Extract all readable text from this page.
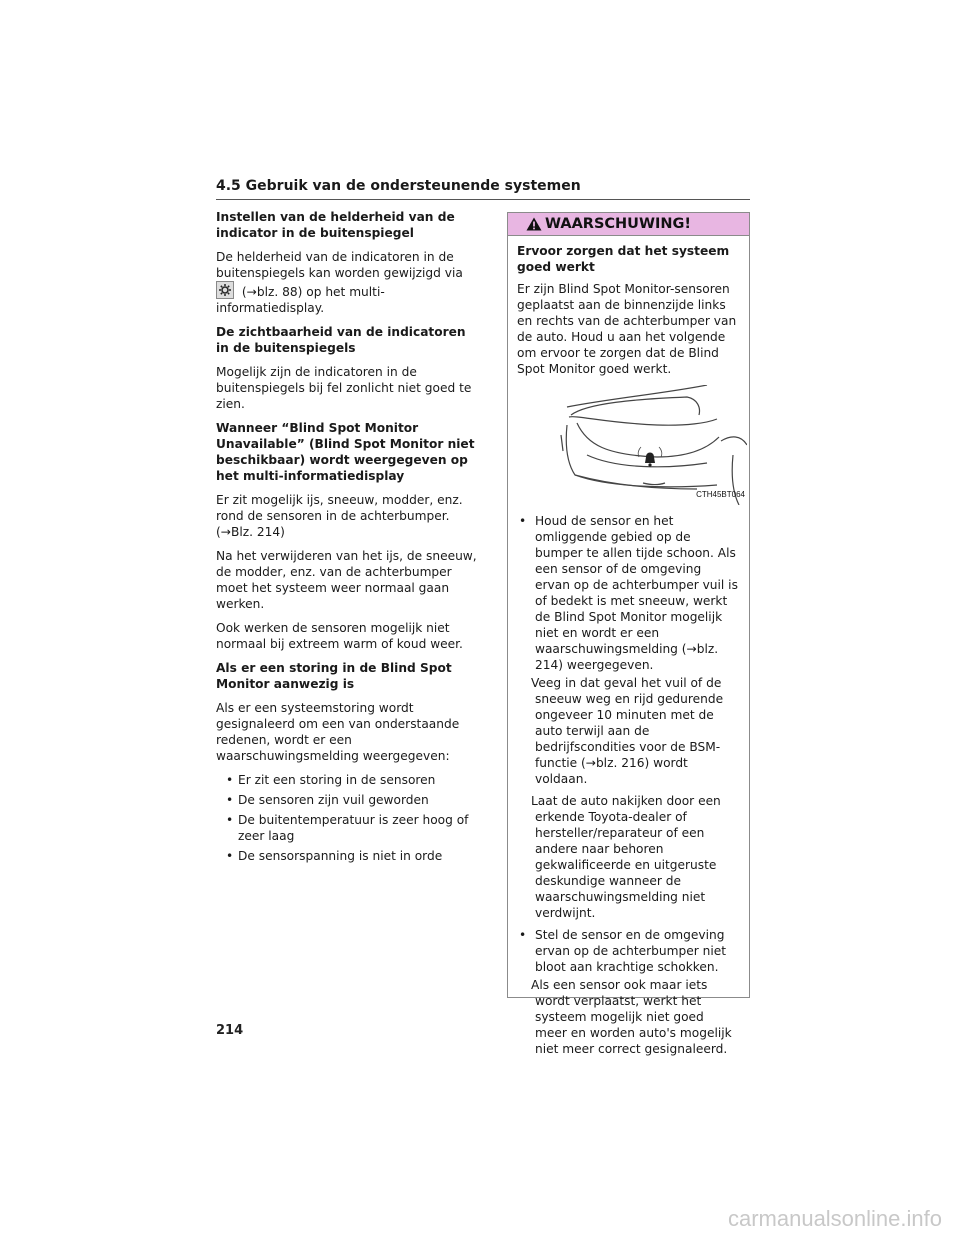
4.5 Gebruik van de ondersteunende systemen
Instellen van de helderheid van de indicator in de buitenspiegel

De helderheid van de indicatoren in de buitenspiegels kan worden gewijzigd via

(→blz. 88) op het multi-informatiedisplay.

De zichtbaarheid van de indicatoren in de buitenspiegels

Mogelijk zijn de indicatoren in de buitenspiegels bij fel zonlicht niet goed te zien.

Wanneer “Blind Spot Monitor Unavailable” (Blind Spot Monitor niet beschikbaar) wordt weergegeven op het multi-informatiedisplay

Er zit mogelijk ijs, sneeuw, modder, enz. rond de sensoren in de achterbumper. (→Blz. 214)

Na het verwijderen van het ijs, de sneeuw, de modder, enz. van de achterbumper moet het systeem weer normaal gaan werken.

Ook werken de sensoren mogelijk niet normaal bij extreem warm of koud weer.

Als er een storing in de Blind Spot Monitor aanwezig is

Als er een systeemstoring wordt gesignaleerd om een van onderstaande redenen, wordt er een waarschuwingsmelding weergegeven:

• Er zit een storing in de sensoren
• De sensoren zijn vuil geworden
• De buitentemperatuur is zeer hoog of zeer laag
• De sensorspanning is niet in orde
WAARSCHUWING!
Ervoor zorgen dat het systeem goed werkt

Er zijn Blind Spot Monitor-sensoren geplaatst aan de binnenzijde links en rechts van de achterbumper van de auto. Houd u aan het volgende om ervoor te zorgen dat de Blind Spot Monitor goed werkt.

CTH45BT064
• Houd de sensor en het omliggende gebied op de bumper te allen tijde schoon. Als een sensor of de omgeving ervan op de achterbumper vuil is of bedekt is met sneeuw, werkt de Blind Spot Monitor mogelijk niet en wordt er een waarschuwingsmelding (→blz. 214) weergegeven.

Veeg in dat geval het vuil of de sneeuw weg en rijd gedurende ongeveer 10 minuten met de auto terwijl aan de bedrijfscondities voor de BSM-functie (→blz. 216) wordt voldaan.

Laat de auto nakijken door een erkende Toyota-dealer of hersteller/reparateur of een andere naar behoren gekwalificeerde en uitgeruste deskundige wanneer de waarschuwingsmelding niet verdwijnt.

• Stel de sensor en de omgeving ervan op de achterbumper niet bloot aan krachtige schokken.

Als een sensor ook maar iets wordt verplaatst, werkt het systeem mogelijk niet goed meer en worden auto's mogelijk niet meer correct gesignaleerd.

214
carmanualsonline.info
